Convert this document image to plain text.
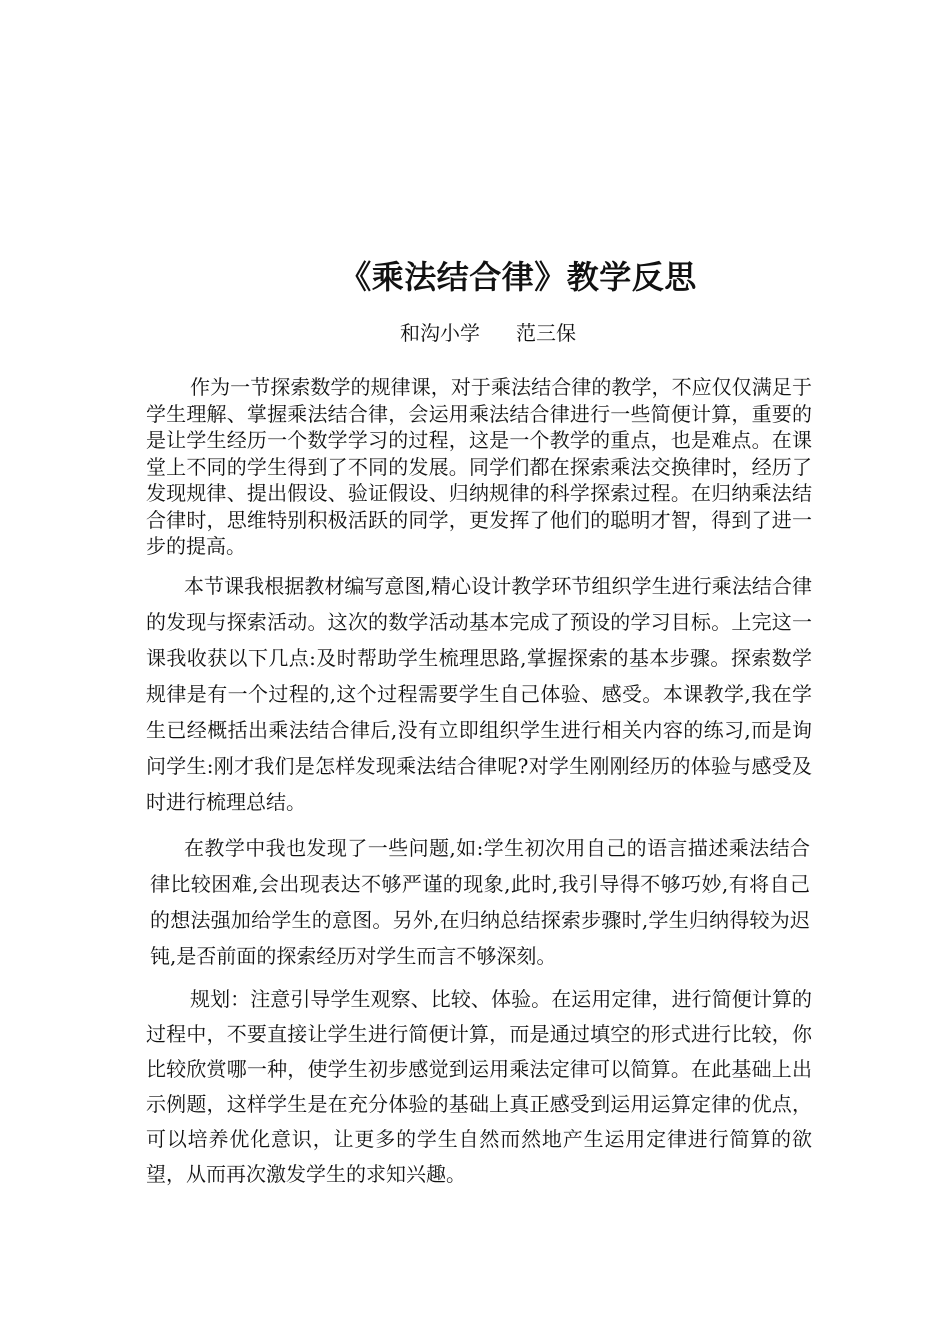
《乘法结合律》教学反思
和沟小学 范三保

作为一节探索数学的规律课，对于乘法结合律的教学，不应仅仅满足于学生理解、掌握乘法结合律，会运用乘法结合律进行一些简便计算，重要的是让学生经历一个数学学习的过程，这是一个教学的重点，也是难点。在课堂上不同的学生得到了不同的发展。同学们都在探索乘法交换律时，经历了发现规律、提出假设、验证假设、归纳规律的科学探索过程。在归纳乘法结合律时，思维特别积极活跃的同学，更发挥了他们的聪明才智，得到了进一步的提高。

本节课我根据教材编写意图,精心设计教学环节组织学生进行乘法结合律的发现与探索活动。这次的数学活动基本完成了预设的学习目标。上完这一课我收获以下几点:及时帮助学生梳理思路,掌握探索的基本步骤。探索数学规律是有一个过程的,这个过程需要学生自己体验、感受。本课教学,我在学生已经概括出乘法结合律后,没有立即组织学生进行相关内容的练习,而是询问学生:刚才我们是怎样发现乘法结合律呢?对学生刚刚经历的体验与感受及时进行梳理总结。

在教学中我也发现了一些问题,如:学生初次用自己的语言描述乘法结合律比较困难,会出现表达不够严谨的现象,此时,我引导得不够巧妙,有将自己的想法强加给学生的意图。另外,在归纳总结探索步骤时,学生归纳得较为迟钝,是否前面的探索经历对学生而言不够深刻。

规划：注意引导学生观察、比较、体验。在运用定律，进行简便计算的过程中，不要直接让学生进行简便计算，而是通过填空的形式进行比较，你比较欣赏哪一种，使学生初步感觉到运用乘法定律可以简算。在此基础上出示例题，这样学生是在充分体验的基础上真正感受到运用运算定律的优点，可以培养优化意识，让更多的学生自然而然地产生运用定律进行简算的欲望，从而再次激发学生的求知兴趣。
